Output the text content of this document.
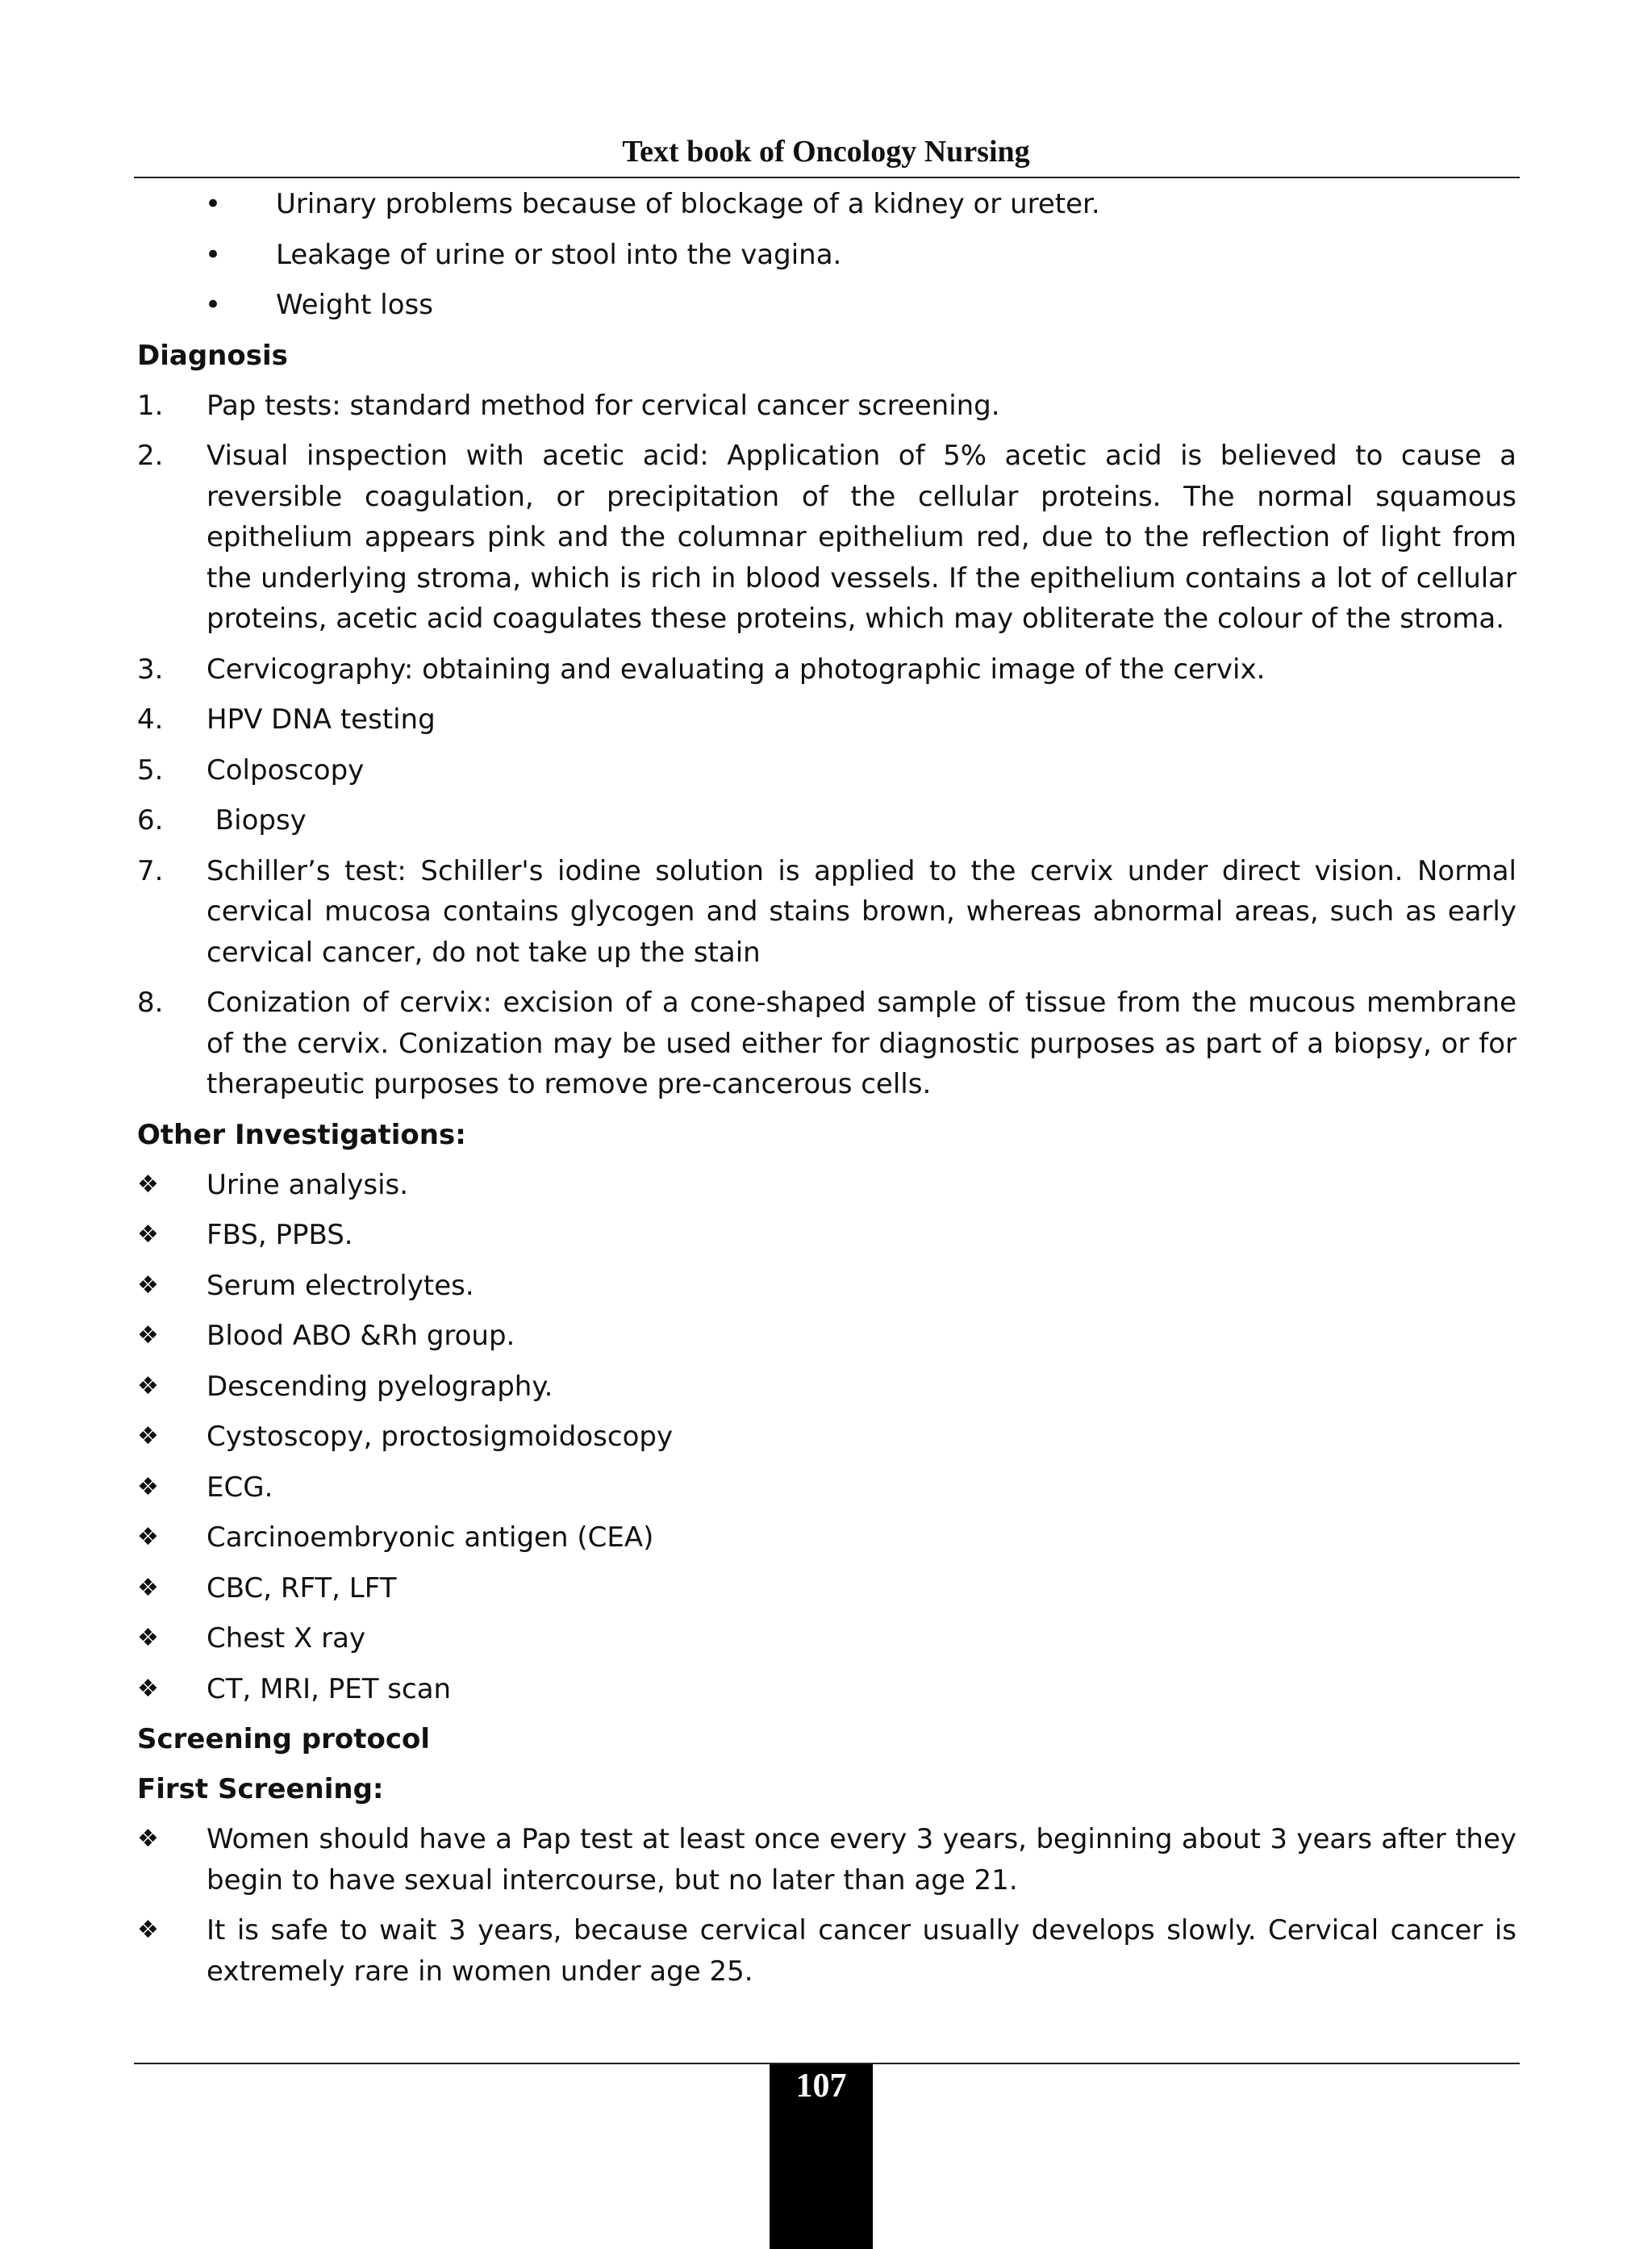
Text book of Oncology Nursing
• Urinary problems because of blockage of a kidney or ureter.
• Leakage of urine or stool into the vagina.
• Weight loss
Diagnosis
1. Pap tests: standard method for cervical cancer screening.
2. Visual inspection with acetic acid: Application of 5% acetic acid is believed to cause a reversible coagulation, or precipitation of the cellular proteins. The normal squamous epithelium appears pink and the columnar epithelium red, due to the reflection of light from the underlying stroma, which is rich in blood vessels. If the epithelium contains a lot of cellular proteins, acetic acid coagulates these proteins, which may obliterate the colour of the stroma.
3. Cervicography: obtaining and evaluating a photographic image of the cervix.
4. HPV DNA testing
5. Colposcopy
6. Biopsy
7. Schiller’s test: Schiller's iodine solution is applied to the cervix under direct vision. Normal cervical mucosa contains glycogen and stains brown, whereas abnormal areas, such as early cervical cancer, do not take up the stain
8. Conization of cervix: excision of a cone-shaped sample of tissue from the mucous membrane of the cervix. Conization may be used either for diagnostic purposes as part of a biopsy, or for therapeutic purposes to remove pre-cancerous cells.
Other Investigations:
❖ Urine analysis.
❖ FBS, PPBS.
❖ Serum electrolytes.
❖ Blood ABO &Rh group.
❖ Descending pyelography.
❖ Cystoscopy, proctosigmoidoscopy
❖ ECG.
❖ Carcinoembryonic antigen (CEA)
❖ CBC, RFT, LFT
❖ Chest X ray
❖ CT, MRI, PET scan
Screening protocol
First Screening:
❖ Women should have a Pap test at least once every 3 years, beginning about 3 years after they begin to have sexual intercourse, but no later than age 21.
❖ It is safe to wait 3 years, because cervical cancer usually develops slowly. Cervical cancer is extremely rare in women under age 25.
107
